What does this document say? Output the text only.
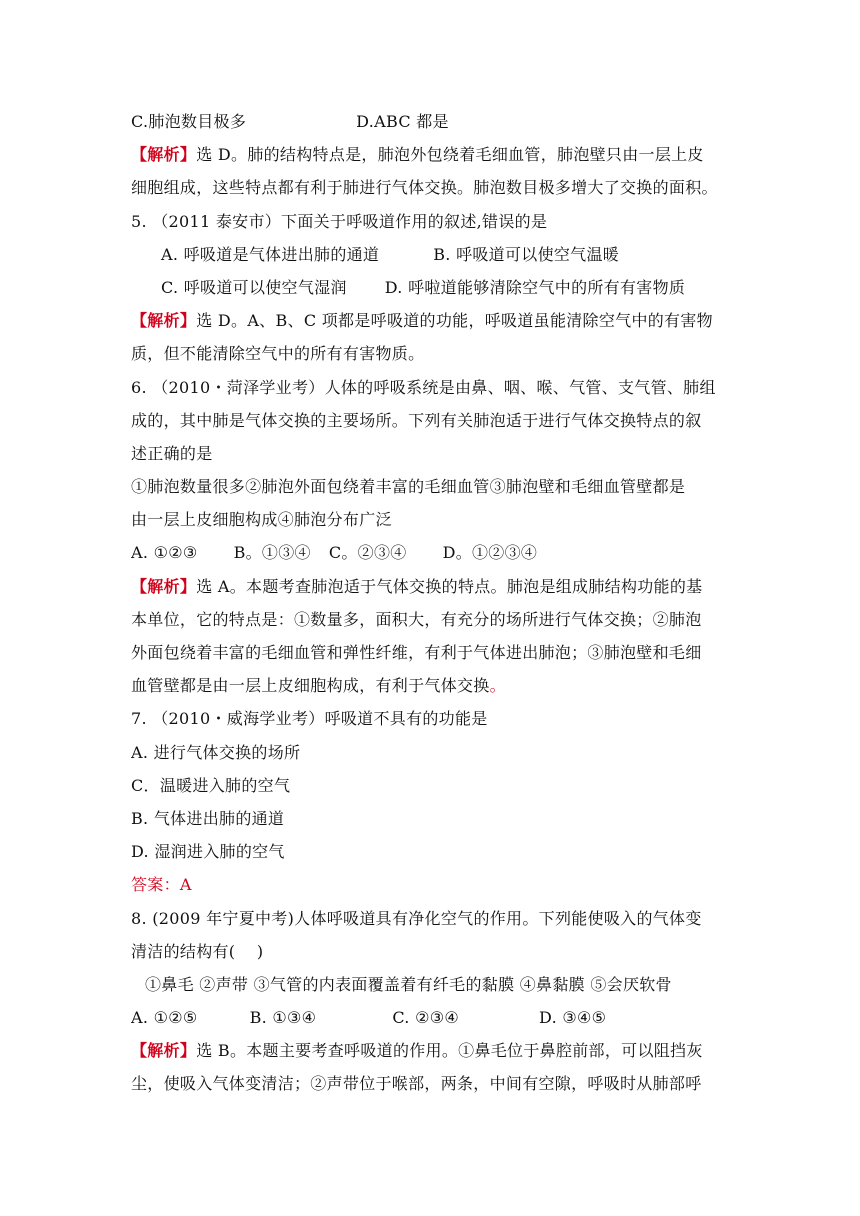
C.肺泡数目极多	D.ABC 都是
【解析】选 D。肺的结构特点是，肺泡外包绕着毛细血管，肺泡壁只由一层上皮
细胞组成，这些特点都有利于肺进行气体交换。肺泡数目极多增大了交换的面积。
5. （2011 泰安市）下面关于呼吸道作用的叙述,错误的是
A. 呼吸道是气体进出肺的通道	B. 呼吸道可以使空气温暖
C. 呼吸道可以使空气湿润 D. 呼啦道能够清除空气中的所有有害物质
【解析】选 D。A、B、C 项都是呼吸道的功能，呼吸道虽能清除空气中的有害物
质，但不能清除空气中的所有有害物质。
6. （2010・菏泽学业考）人体的呼吸系统是由鼻、咽、喉、气管、支气管、肺组
成的，其中肺是气体交换的主要场所。下列有关肺泡适于进行气体交换特点的叙
述正确的是
①肺泡数量很多②肺泡外面包绕着丰富的毛细血管③肺泡壁和毛细血管壁都是
由一层上皮细胞构成④肺泡分布广泛
A. ①②③ B。①③④ C。②③④ D。①②③④
【解析】选 A。本题考查肺泡适于气体交换的特点。肺泡是组成肺结构功能的基
本单位，它的特点是：①数量多，面积大，有充分的场所进行气体交换；②肺泡
外面包绕着丰富的毛细血管和弹性纤维，有利于气体进出肺泡；③肺泡壁和毛细
血管壁都是由一层上皮细胞构成，有利于气体交换。
7. （2010・威海学业考）呼吸道不具有的功能是
A. 进行气体交换的场所
C．温暖进入肺的空气
B. 气体进出肺的通道
D. 湿润进入肺的空气
答案：A
8. (2009 年宁夏中考)人体呼吸道具有净化空气的作用。下列能使吸入的气体变
清洁的结构有(    )
①鼻毛 ②声带 ③气管的内表面覆盖着有纤毛的黏膜 ④鼻黏膜 ⑤会厌软骨
A. ①②⑤	B. ①③④	C. ②③④	D. ③④⑤
【解析】选 B。本题主要考查呼吸道的作用。①鼻毛位于鼻腔前部，可以阻挡灰
尘，使吸入气体变清洁；②声带位于喉部，两条，中间有空隙，呼吸时从肺部呼
